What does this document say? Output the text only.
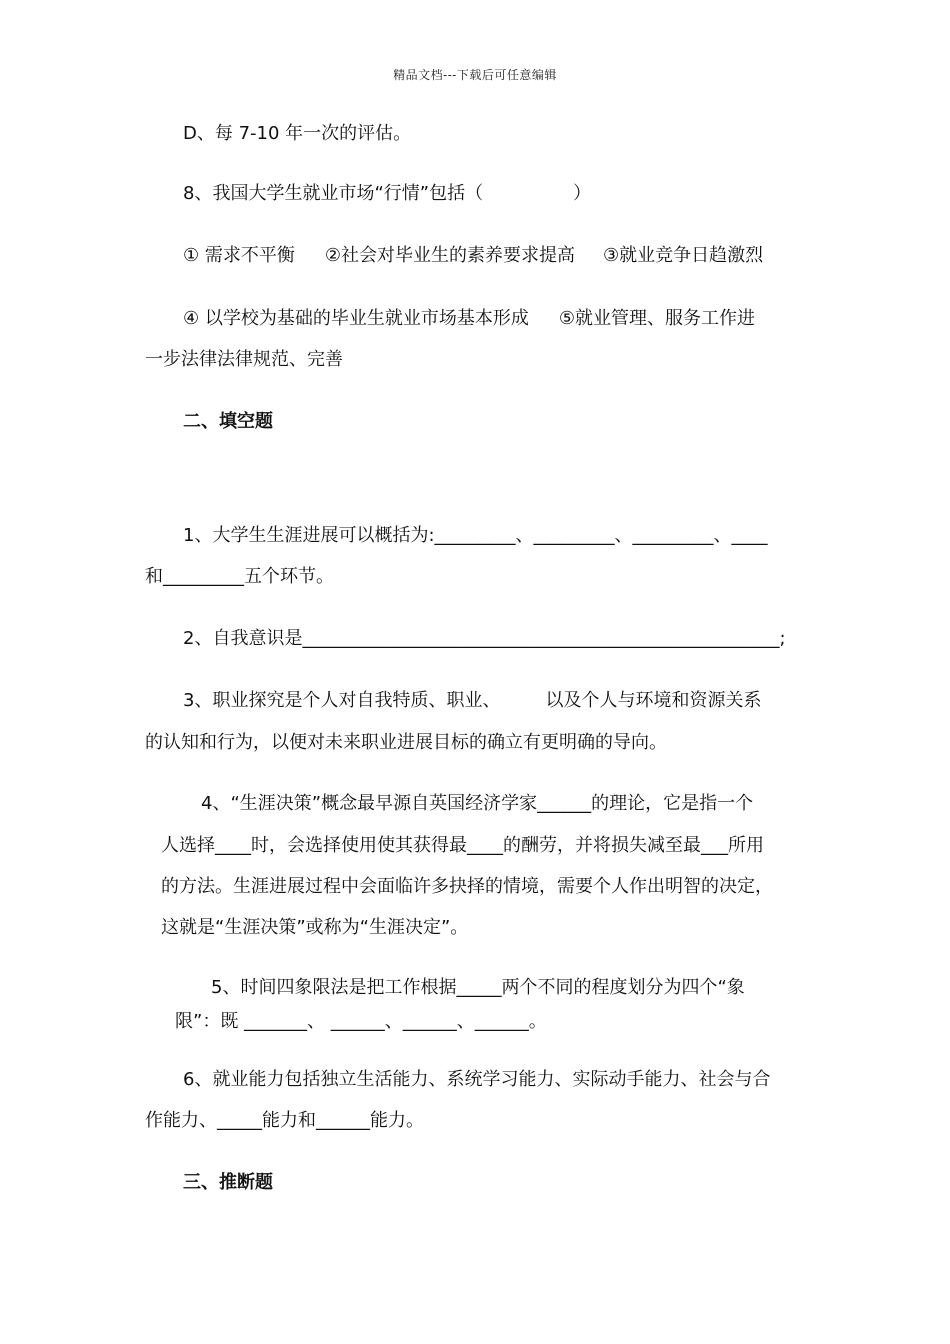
精品文档---下载后可任意编辑
D、每 7-10 年一次的评估。
8、我国大学生就业市场“行情”包括（　　　　　）
① 需求不平衡 ②社会对毕业生的素养要求提高 ③就业竞争日趋激烈
④ 以学校为基础的毕业生就业市场基本形成 ⑤就业管理、服务工作进
一步法律法律规范、完善
二、填空题
1、大学生生涯进展可以概括为:_________、_________、_________、____
和_________五个环节。
2、自我意识是_____________________________________________________;
3、职业探究是个人对自我特质、职业、　　　以及个人与环境和资源关系
的认知和行为，以便对未来职业进展目标的确立有更明确的导向。
4、“生涯决策”概念最早源自英国经济学家______的理论，它是指一个
人选择____时，会选择使用使其获得最____的酬劳，并将损失减至最___所用
的方法。生涯进展过程中会面临许多抉择的情境，需要个人作出明智的决定，
这就是“生涯决策”或称为“生涯决定”。
5、时间四象限法是把工作根据_____两个不同的程度划分为四个“象
限”：既 _______、 ______、______、______。
6、就业能力包括独立生活能力、系统学习能力、实际动手能力、社会与合
作能力、_____能力和______能力。
三、推断题
